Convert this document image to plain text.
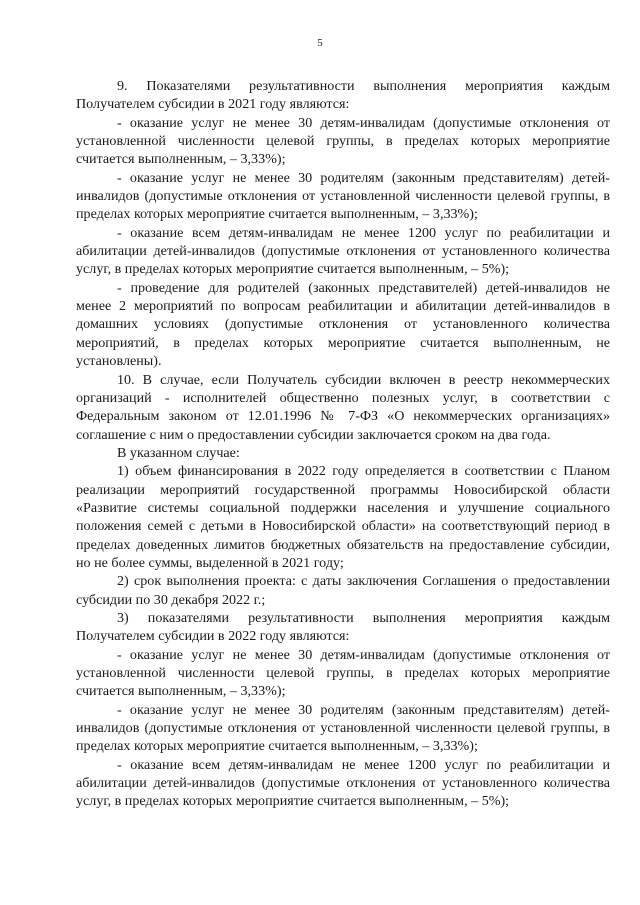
5

9. Показателями результативности выполнения мероприятия каждым Получателем субсидии в 2021 году являются:

- оказание услуг не менее 30 детям-инвалидам (допустимые отклонения от установленной численности целевой группы, в пределах которых мероприятие считается выполненным, – 3,33%);

- оказание услуг не менее 30 родителям (законным представителям) детей-инвалидов (допустимые отклонения от установленной численности целевой группы, в пределах которых мероприятие считается выполненным, – 3,33%);

- оказание всем детям-инвалидам не менее 1200 услуг по реабилитации и абилитации детей-инвалидов (допустимые отклонения от установленного количества услуг, в пределах которых мероприятие считается выполненным, – 5%);

- проведение для родителей (законных представителей) детей-инвалидов не менее 2 мероприятий по вопросам реабилитации и абилитации детей-инвалидов в домашних условиях (допустимые отклонения от установленного количества мероприятий, в пределах которых мероприятие считается выполненным, не установлены).

10. В случае, если Получатель субсидии включен в реестр некоммерческих организаций - исполнителей общественно полезных услуг, в соответствии с Федеральным законом от 12.01.1996 № 7-ФЗ «О некоммерческих организациях» соглашение с ним о предоставлении субсидии заключается сроком на два года.

В указанном случае:

1) объем финансирования в 2022 году определяется в соответствии с Планом реализации мероприятий государственной программы Новосибирской области «Развитие системы социальной поддержки населения и улучшение социального положения семей с детьми в Новосибирской области» на соответствующий период в пределах доведенных лимитов бюджетных обязательств на предоставление субсидии, но не более суммы, выделенной в 2021 году;

2) срок выполнения проекта: с даты заключения Соглашения о предоставлении субсидии по 30 декабря 2022 г.;

3) показателями результативности выполнения мероприятия каждым Получателем субсидии в 2022 году являются:

- оказание услуг не менее 30 детям-инвалидам (допустимые отклонения от установленной численности целевой группы, в пределах которых мероприятие считается выполненным, – 3,33%);

- оказание услуг не менее 30 родителям (законным представителям) детей-инвалидов (допустимые отклонения от установленной численности целевой группы, в пределах которых мероприятие считается выполненным, – 3,33%);

- оказание всем детям-инвалидам не менее 1200 услуг по реабилитации и абилитации детей-инвалидов (допустимые отклонения от установленного количества услуг, в пределах которых мероприятие считается выполненным, – 5%);
